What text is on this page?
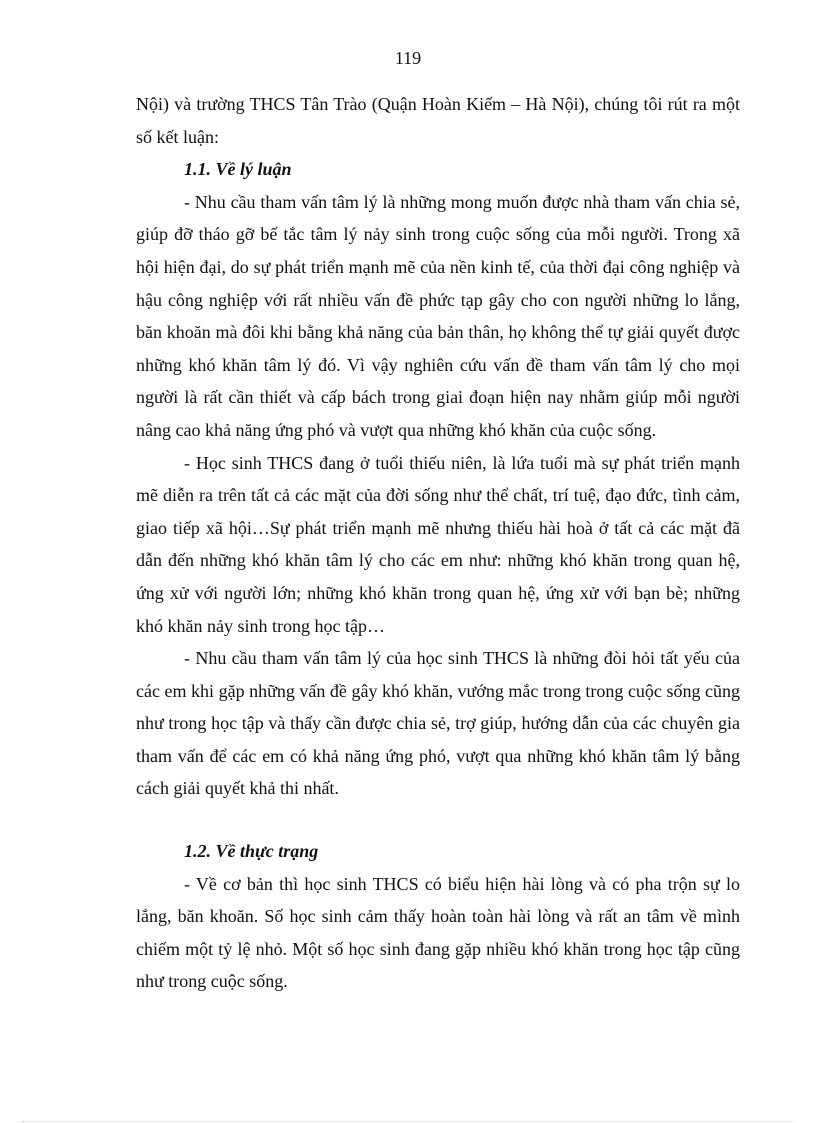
119

Nội) và trường THCS Tân Trào (Quận Hoàn Kiếm – Hà Nội), chúng tôi rút ra một số kết luận:

1.1. Về lý luận

- Nhu cầu tham vấn tâm lý là những mong muốn được nhà tham vấn chia sẻ, giúp đỡ tháo gỡ bế tắc tâm lý nảy sinh trong cuộc sống của mỗi người. Trong xã hội hiện đại, do sự phát triển mạnh mẽ của nền kinh tế, của thời đại công nghiệp và hậu công nghiệp với rất nhiều vấn đề phức tạp gây cho con người những lo lắng, băn khoăn mà đôi khi bằng khả năng của bản thân, họ không thể tự giải quyết được những khó khăn tâm lý đó. Vì vậy nghiên cứu vấn đề tham vấn tâm lý cho mọi người là rất cần thiết và cấp bách trong giai đoạn hiện nay nhằm giúp mỗi người nâng cao khả năng ứng phó và vượt qua những khó khăn của cuộc sống.

- Học sinh THCS đang ở tuổi thiếu niên, là lứa tuổi mà sự phát triển mạnh mẽ diễn ra trên tất cả các mặt của đời sống như thể chất, trí tuệ, đạo đức, tình cảm, giao tiếp xã hội…Sự phát triển mạnh mẽ nhưng thiếu hài hoà ở tất cả các mặt đã dẫn đến những khó khăn tâm lý cho các em như: những khó khăn trong quan hệ, ứng xử với người lớn; những khó khăn trong quan hệ, ứng xử với bạn bè; những khó khăn nảy sinh trong học tập…

- Nhu cầu tham vấn tâm lý của học sinh THCS là những đòi hỏi tất yếu của các em khi gặp những vấn đề gây khó khăn, vướng mắc trong trong cuộc sống cũng như trong học tập và thấy cần được chia sẻ, trợ giúp, hướng dẫn của các chuyên gia tham vấn để các em có khả năng ứng phó, vượt qua những khó khăn tâm lý bằng cách giải quyết khả thi nhất.

1.2. Về thực trạng

- Về cơ bản thì học sinh THCS có biểu hiện hài lòng và có pha trộn sự lo lắng, băn khoăn. Số học sinh cảm thấy hoàn toàn hài lòng và rất an tâm về mình chiếm một tỷ lệ nhỏ. Một số học sinh đang gặp nhiều khó khăn trong học tập cũng như trong cuộc sống.
